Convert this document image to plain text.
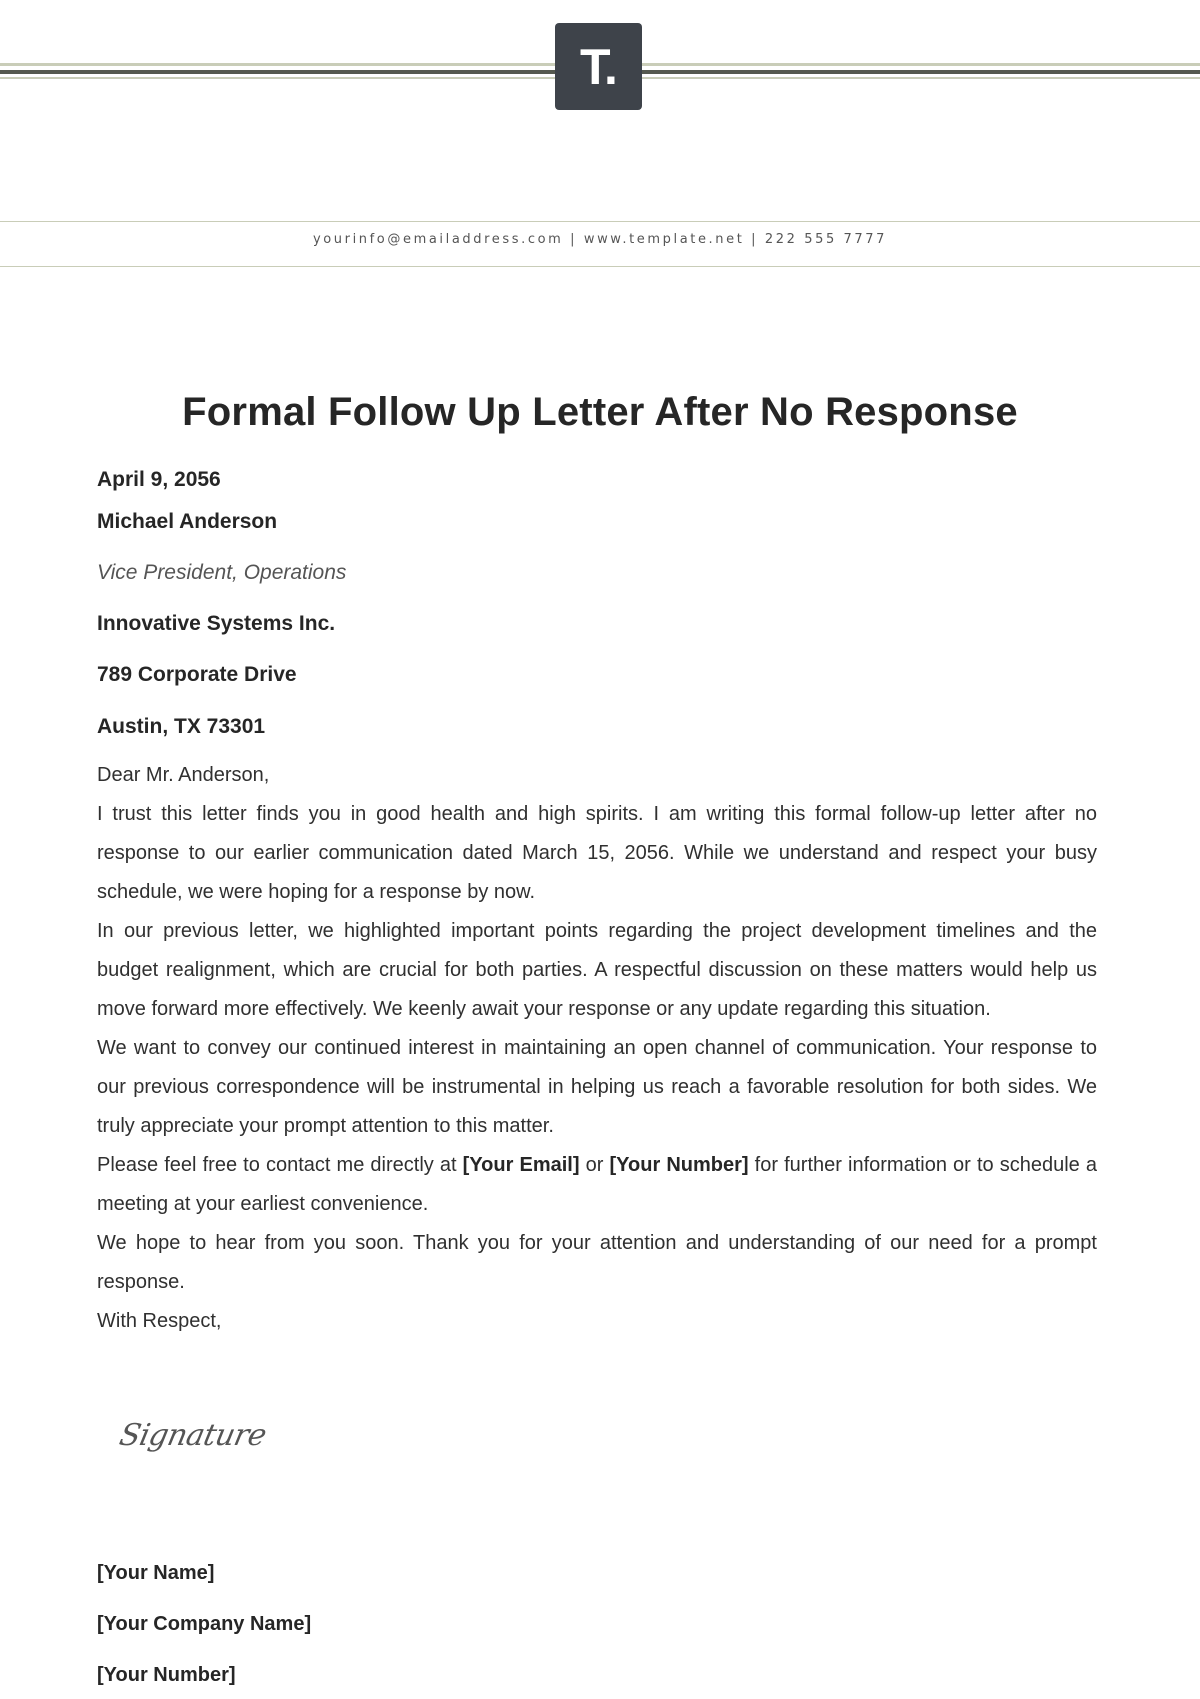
T.
yourinfo@emailaddress.com | www.template.net | 222 555 7777
Formal Follow Up Letter After No Response
April 9, 2056
Michael Anderson
Vice President, Operations
Innovative Systems Inc.
789 Corporate Drive
Austin, TX 73301

Dear Mr. Anderson,

I trust this letter finds you in good health and high spirits. I am writing this formal follow-up letter after no response to our earlier communication dated March 15, 2056. While we understand and respect your busy schedule, we were hoping for a response by now.

In our previous letter, we highlighted important points regarding the project development timelines and the budget realignment, which are crucial for both parties. A respectful discussion on these matters would help us move forward more effectively. We keenly await your response or any update regarding this situation.

We want to convey our continued interest in maintaining an open channel of communication. Your response to our previous correspondence will be instrumental in helping us reach a favorable resolution for both sides. We truly appreciate your prompt attention to this matter.

Please feel free to contact me directly at [Your Email] or [Your Number] for further information or to schedule a meeting at your earliest convenience.

We hope to hear from you soon. Thank you for your attention and understanding of our need for a prompt response.

With Respect,

Signature
[Your Name]
[Your Company Name]
[Your Number]
